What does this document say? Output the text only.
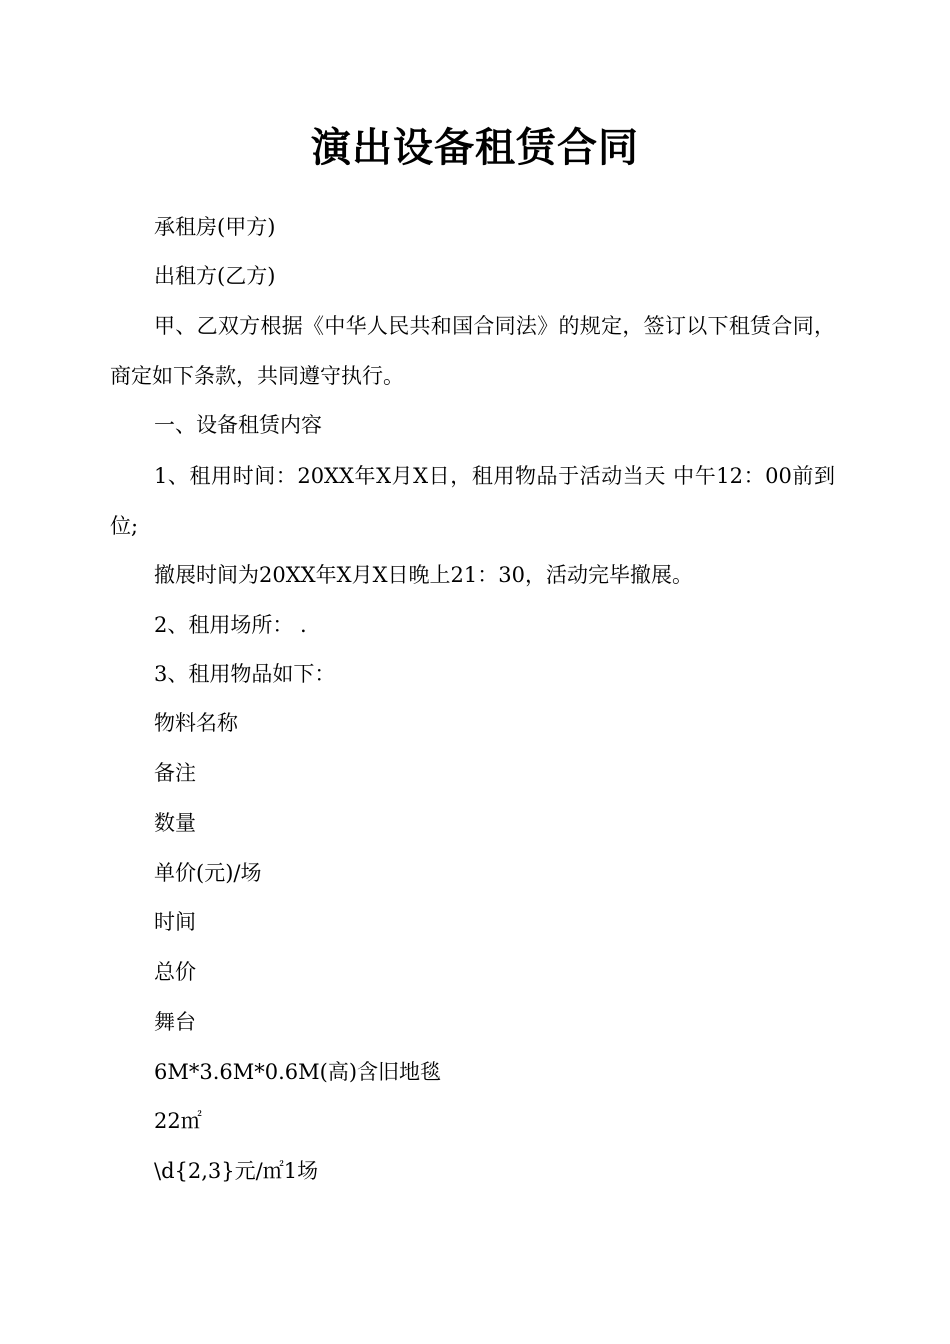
演出设备租赁合同
承租房(甲方)
出租方(乙方)
甲、乙双方根据《中华人民共和国合同法》的规定，签订以下租赁合同，商定如下条款，共同遵守执行。
一、设备租赁内容
1、租用时间：20XX年X月X日，租用物品于活动当天 中午12：00前到位;
撤展时间为20XX年X月X日晚上21：30，活动完毕撤展。
2、租用场所： .
3、租用物品如下：
物料名称
备注
数量
单价(元)/场
时间
总价
舞台
6M*3.6M*0.6M(高)含旧地毯
22㎡
\d{2,3}元/㎡1场
